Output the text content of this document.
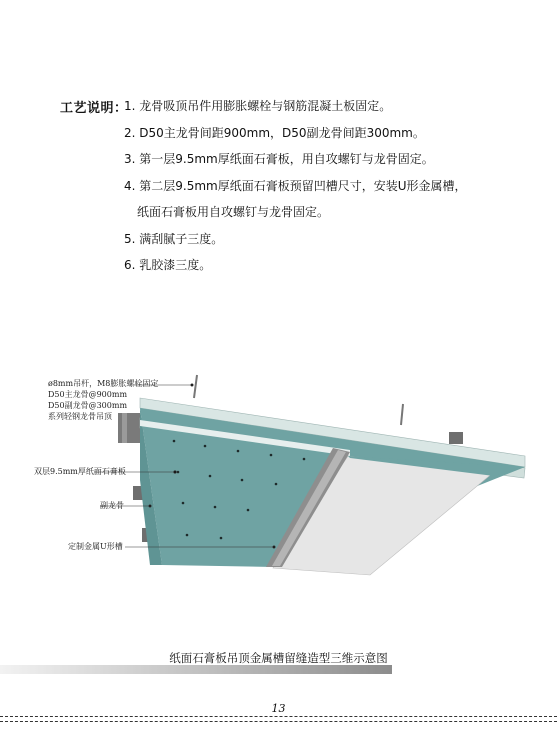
工艺说明：
1. 龙骨吸顶吊件用膨胀螺栓与钢筋混凝土板固定。
2. D50主龙骨间距900mm，D50副龙骨间距300mm。
3. 第一层9.5mm厚纸面石膏板，用自攻螺钉与龙骨固定。
4. 第二层9.5mm厚纸面石膏板预留凹槽尺寸，安装U形金属槽，
纸面石膏板用自攻螺钉与龙骨固定。
5. 满刮腻子三度。
6. 乳胶漆三度。
ø8mm吊杆，M8膨胀螺栓固定
D50主龙骨@900mm
D50副龙骨@300mm
系列轻钢龙骨吊顶
双层9.5mm厚纸面石膏板
副龙骨
定制金属U形槽
纸面石膏板吊顶金属槽留缝造型三维示意图
13
